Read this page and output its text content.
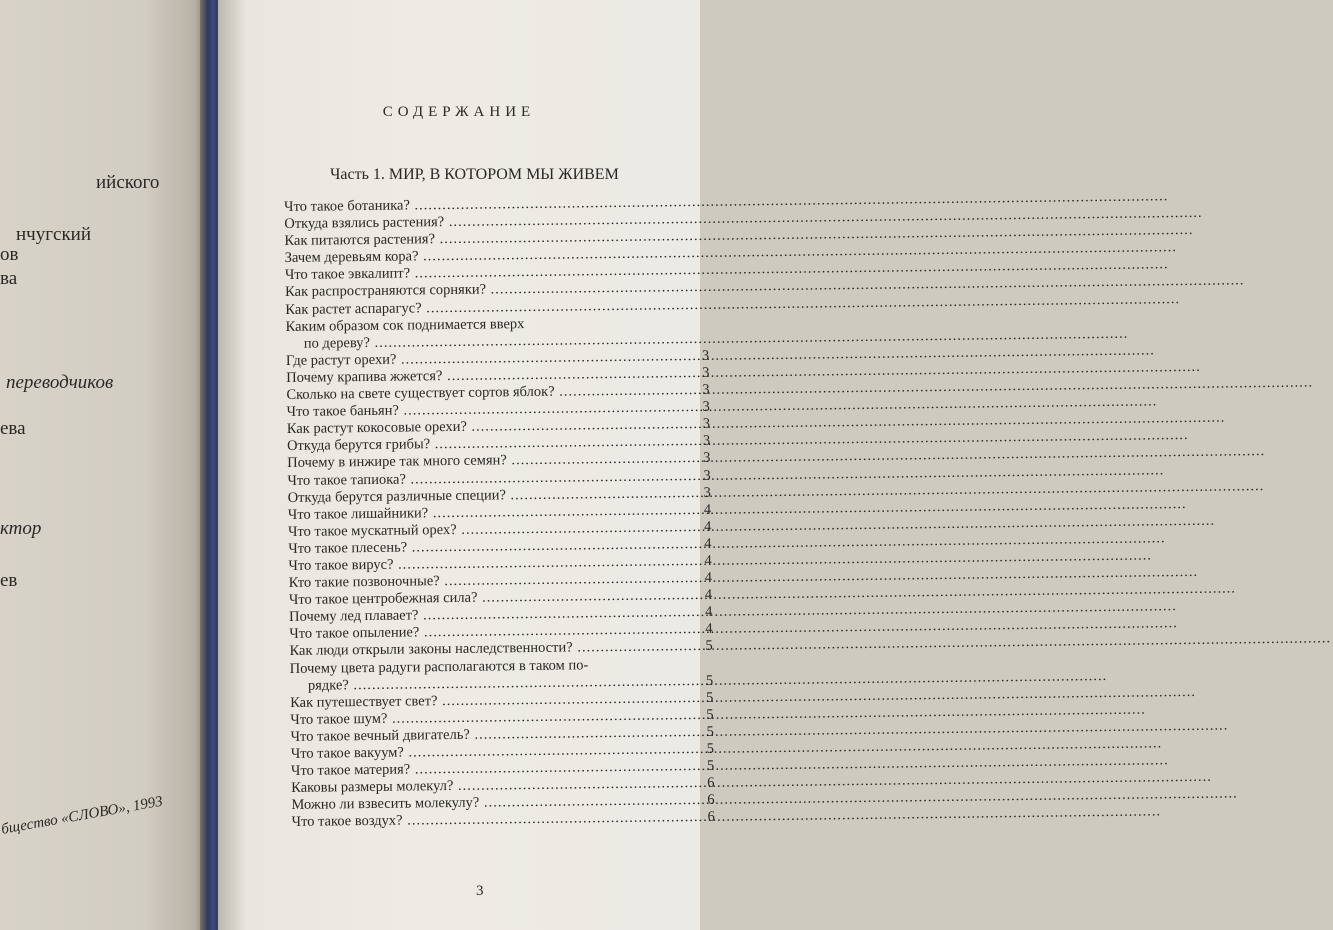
ийского
нчугский
ов
ва
переводчиков
ева
ктор
ев
бщество «СЛОВО», 1993
СОДЕРЖАНИЕ
Часть 1. МИР, В КОТОРОМ МЫ ЖИВЕМ
Что такое ботаника? .....
Откуда взялись растения? .....
Как питаются растения? .....
Зачем деревьям кора? .....
Что такое эвкалипт? .....
Как распространяются сорняки? .....
Как растет аспарагус? .....
Каким образом сок поднимается вверх
по дереву? .....
Где растут орехи? .....	3
Почему крапива жжется? .....	3
Сколько на свете существует сортов яблок? .....	3
Что такое баньян? .....	3
Как растут кокосовые орехи? .....	3
Откуда берутся грибы? .....	3
Почему в инжире так много семян? .....	3
Что такое тапиока? .....	3
Откуда берутся различные специи? .....	3
Что такое лишайники? .....	4
Что такое мускатный орех? .....	4
Что такое плесень? .....	4
Что такое вирус? .....	4
Кто такие позвоночные? .....	4
Что такое центробежная сила? .....	4
Почему лед плавает? .....	4
Что такое опыление? .....	4
Как люди открыли законы наследственности? .....	5
Почему цвета радуги располагаются в таком по-
рядке? .....	5
Как путешествует свет? .....	5
Что такое шум? .....	5
Что такое вечный двигатель? .....	5
Что такое вакуум? .....	5
Что такое материя? .....	5
Каковы размеры молекул? .....	6
Можно ли взвесить молекулу? .....	6
Что такое воздух? .....	6
3
